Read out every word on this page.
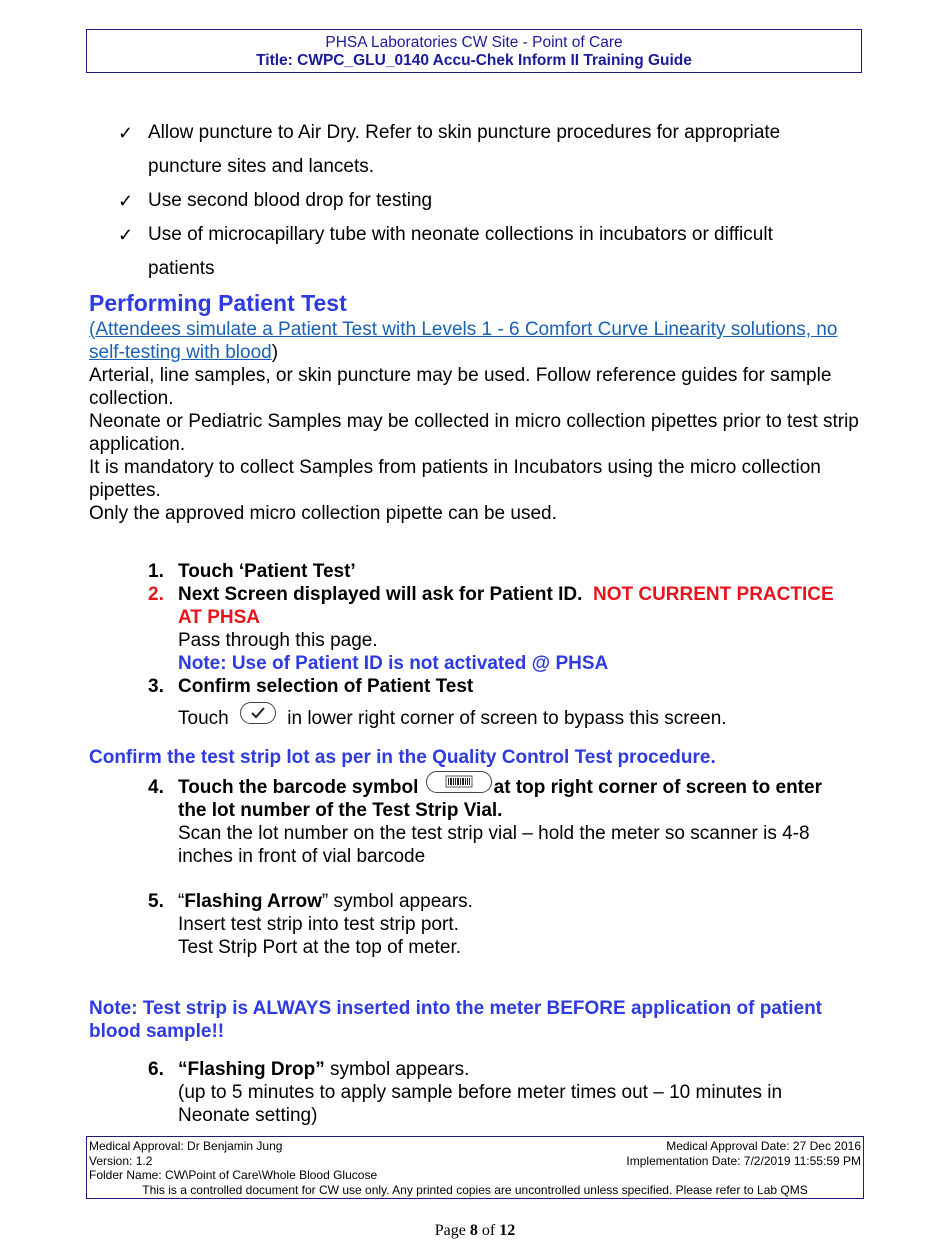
PHSA Laboratories CW Site - Point of Care
Title: CWPC_GLU_0140 Accu-Chek Inform II Training Guide
✓ Allow puncture to Air Dry. Refer to skin puncture procedures for appropriate puncture sites and lancets.
✓ Use second blood drop for testing
✓ Use of microcapillary tube with neonate collections in incubators or difficult patients
Performing Patient Test

(Attendees simulate a Patient Test with Levels 1 - 6 Comfort Curve Linearity solutions, no self-testing with blood)

Arterial, line samples, or skin puncture may be used. Follow reference guides for sample collection.

Neonate or Pediatric Samples may be collected in micro collection pipettes prior to test strip application.

It is mandatory to collect Samples from patients in Incubators using the micro collection pipettes.

Only the approved micro collection pipette can be used.

1. Touch ‘Patient Test’
2. Next Screen displayed will ask for Patient ID.  NOT CURRENT PRACTICE AT PHSA
Pass through this page.
Note: Use of Patient ID is not activated @ PHSA
3. Confirm selection of Patient Test

Touch	in lower right corner of screen to bypass this screen.
Confirm the test strip lot as per in the Quality Control Test procedure.
4. Touch the barcode symbol	at top right corner of screen to enter the lot number of the Test Strip Vial.
Scan the lot number on the test strip vial – hold the meter so scanner is 4-8 inches in front of vial barcode
5. “Flashing Arrow” symbol appears.
Insert test strip into test strip port.
Test Strip Port at the top of meter.
Note: Test strip is ALWAYS inserted into the meter BEFORE application of patient blood sample!!
6. “Flashing Drop” symbol appears.
(up to 5 minutes to apply sample before meter times out – 10 minutes in Neonate setting)
Medical Approval: Dr Benjamin Jung	Medical Approval Date: 27 Dec 2016
Version: 1.2	Implementation Date: 7/2/2019 11:55:59 PM
Folder Name: CW\Point of Care\Whole Blood Glucose
This is a controlled document for CW use only. Any printed copies are uncontrolled unless specified. Please refer to Lab QMS
Page 8 of 12
